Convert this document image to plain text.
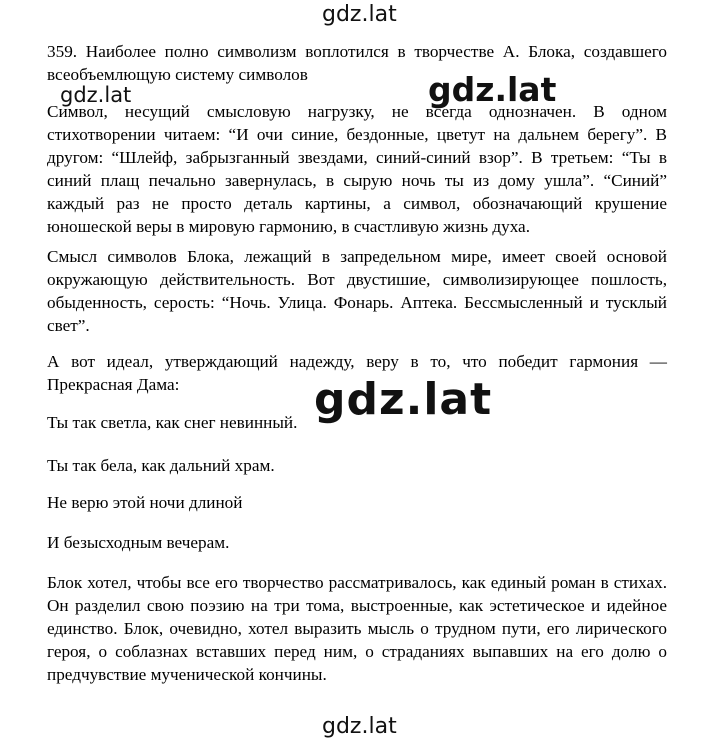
359. Наиболее полно символизм воплотился в творчестве А. Блока, создавшего всеобъемлющую систему символов

Символ, несущий смысловую нагрузку, не всегда однозначен. В одном стихотворении читаем: “И очи синие, бездонные, цветут на дальнем берегу”. В другом: “Шлейф, забрызганный звездами, синий-синий взор”. В третьем: “Ты в синий плащ печально завернулась, в сырую ночь ты из дому ушла”. “Синий” каждый раз не просто деталь картины, а символ, обозначающий крушение юношеской веры в мировую гармонию, в счастливую жизнь духа.

Смысл символов Блока, лежащий в запредельном мире, имеет своей основой окружающую действительность. Вот двустишие, символизирующее пошлость, обыденность, серость: “Ночь. Улица. Фонарь. Аптека. Бессмысленный и тусклый свет”.

А вот идеал, утверждающий надежду, веру в то, что победит гармония — Прекрасная Дама:

Ты так светла, как снег невинный.

Ты так бела, как дальний храм.

Не верю этой ночи длиной

И безысходным вечерам.

Блок хотел, чтобы все его творчество рассматривалось, как единый роман в стихах. Он разделил свою поэзию на три тома, выстроенные, как эстетическое и идейное единство. Блок, очевидно, хотел выразить мысль о трудном пути, его лирического героя, о соблазнах вставших перед ним, о страданиях выпавших на его долю о предчувствие мученической кончины.

gdz.lat
gdz.lat	gdz.lat
gdz.lat
gdz.lat
